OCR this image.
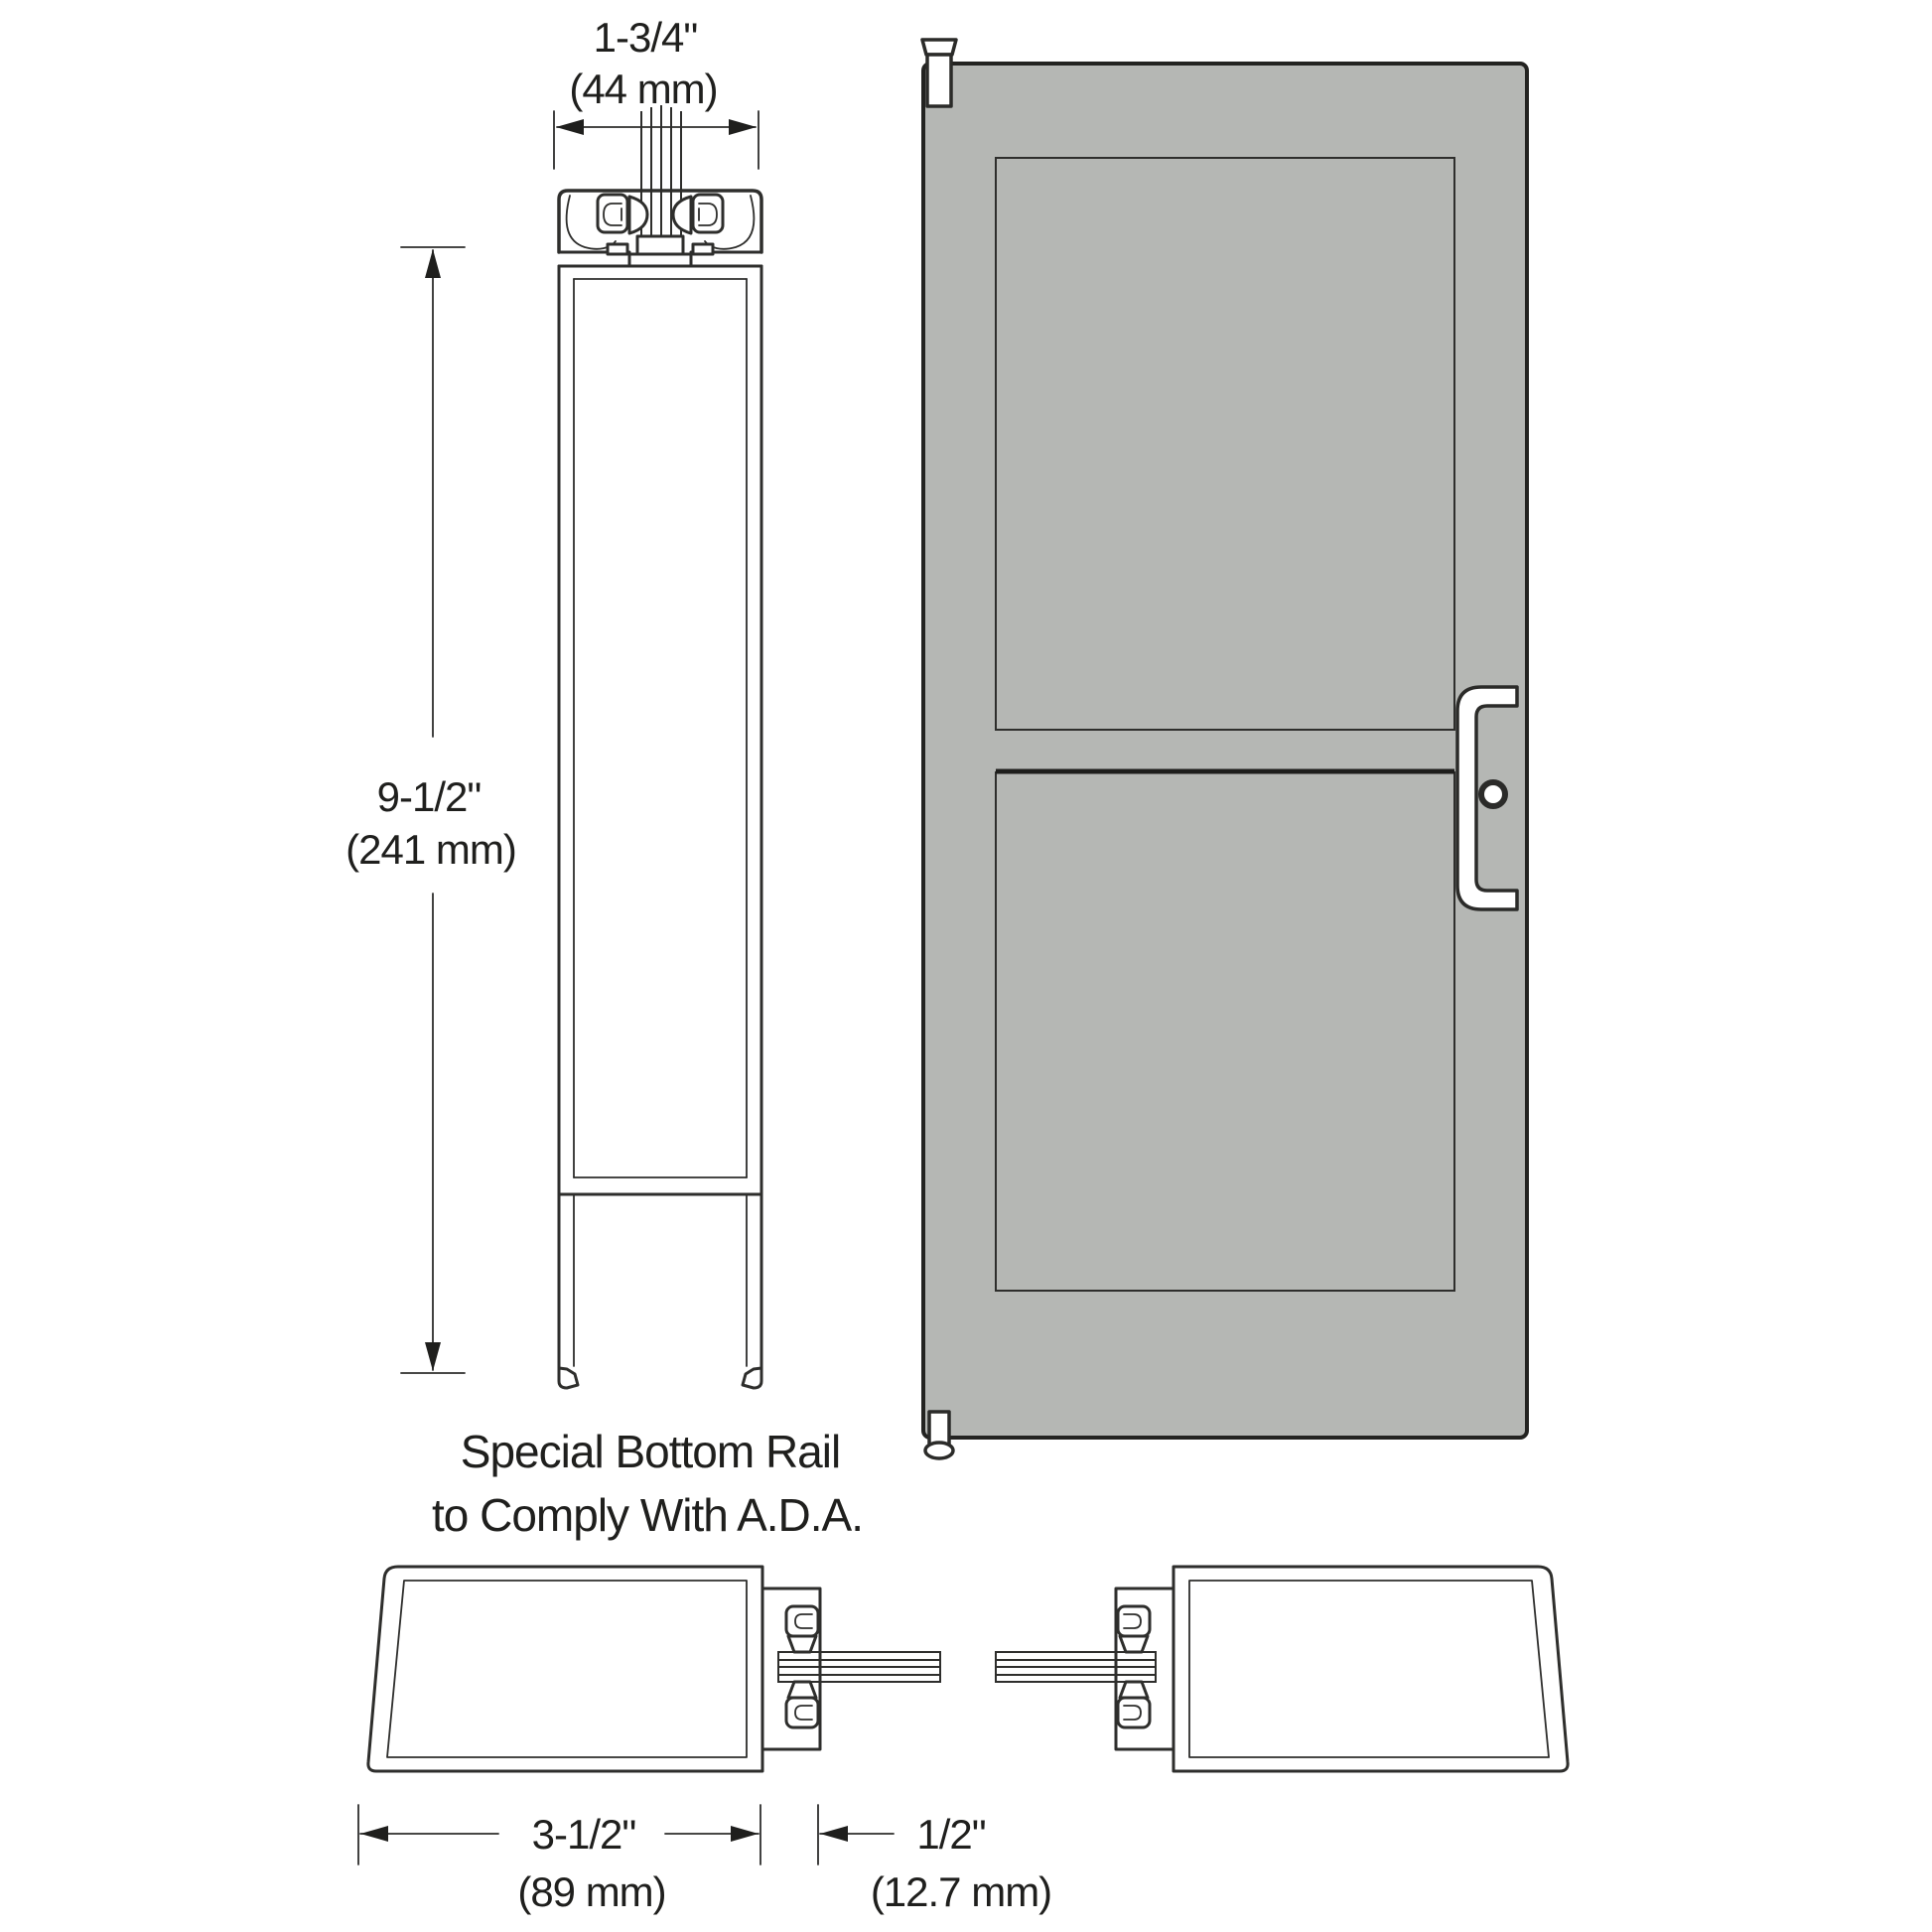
1-3/4"
(44 mm)
9-1/2"
(241 mm)
Special Bottom Rail
to Comply With A.D.A.
3-1/2"
(89 mm)
1/2"
(12.7 mm)
